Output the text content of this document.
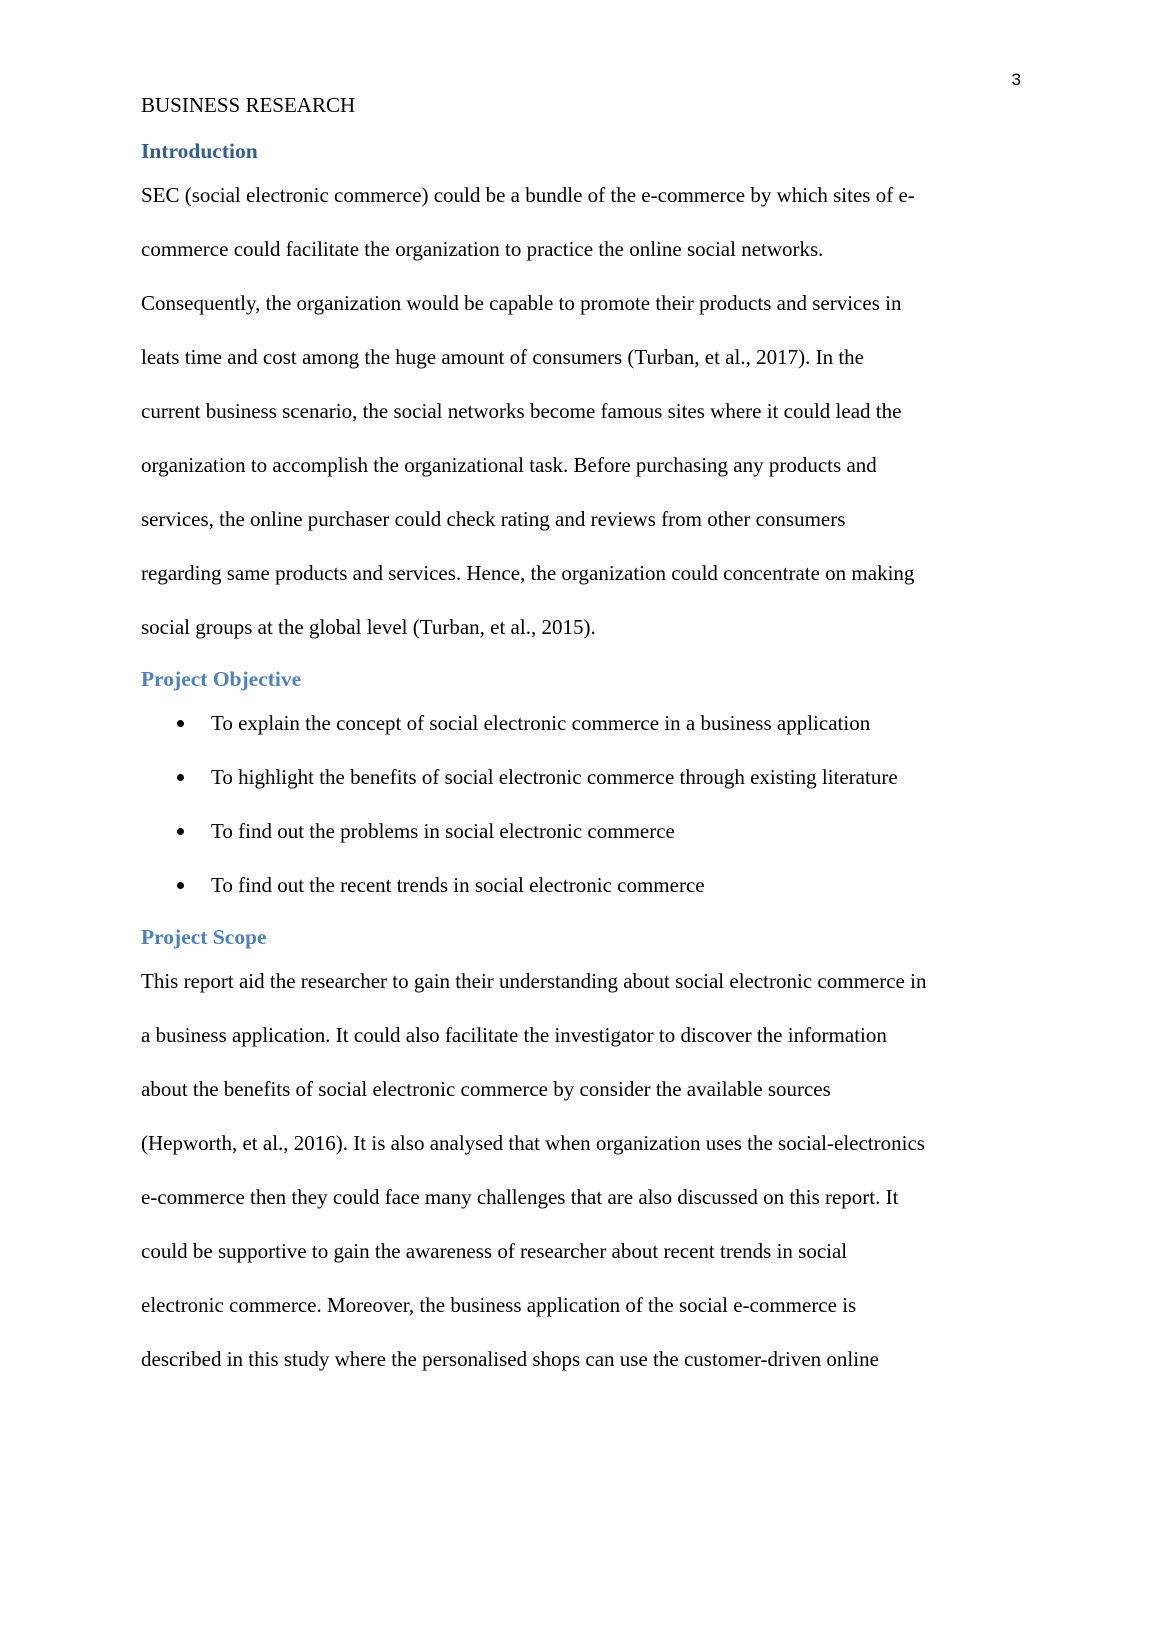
3

BUSINESS RESEARCH

Introduction

SEC (social electronic commerce) could be a bundle of the e-commerce by which sites of e-
commerce could facilitate the organization to practice the online social networks.
Consequently, the organization would be capable to promote their products and services in
leats time and cost among the huge amount of consumers (Turban, et al., 2017). In the
current business scenario, the social networks become famous sites where it could lead the
organization to accomplish the organizational task. Before purchasing any products and
services, the online purchaser could check rating and reviews from other consumers
regarding same products and services. Hence, the organization could concentrate on making
social groups at the global level (Turban, et al., 2015).

Project Objective
To explain the concept of social electronic commerce in a business application
To highlight the benefits of social electronic commerce through existing literature
To find out the problems in social electronic commerce
To find out the recent trends in social electronic commerce
Project Scope

This report aid the researcher to gain their understanding about social electronic commerce in
a business application. It could also facilitate the investigator to discover the information
about the benefits of social electronic commerce by consider the available sources
(Hepworth, et al., 2016). It is also analysed that when organization uses the social-electronics
e-commerce then they could face many challenges that are also discussed on this report. It
could be supportive to gain the awareness of researcher about recent trends in social
electronic commerce. Moreover, the business application of the social e-commerce is
described in this study where the personalised shops can use the customer-driven online
